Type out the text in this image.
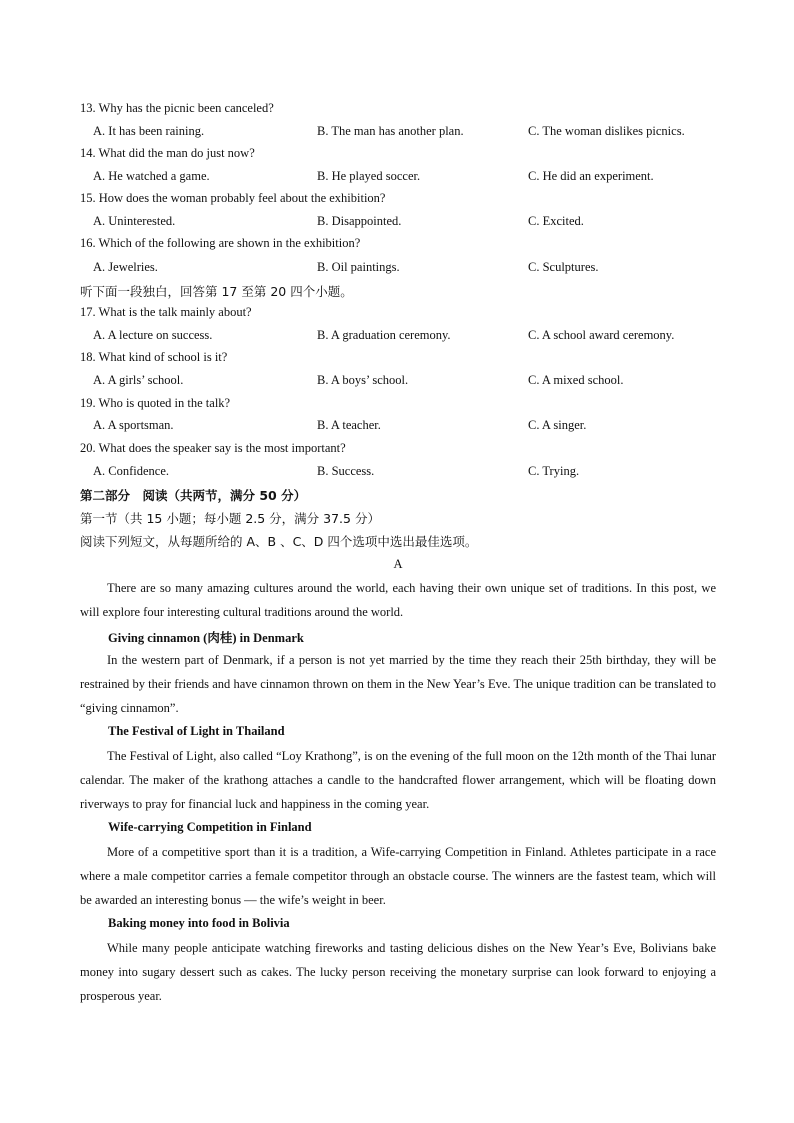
13. Why has the picnic been canceled?
A. It has been raining.	B. The man has another plan.	C. The woman dislikes picnics.
14. What did the man do just now?
A. He watched a game.	B. He played soccer.	C. He did an experiment.
15. How does the woman probably feel about the exhibition?
A. Uninterested.	B. Disappointed.	C. Excited.
16. Which of the following are shown in the exhibition?
A. Jewelries.	B. Oil paintings.	C. Sculptures.
听下面一段独白，回答第 17 至第 20 四个小题。
17. What is the talk mainly about?
A. A lecture on success.	B. A graduation ceremony.	C. A school award ceremony.
18. What kind of school is it?
A. A girls’ school.	B. A boys’ school.	C. A mixed school.
19. Who is quoted in the talk?
A. A sportsman.	B. A teacher.	C. A singer.
20. What does the speaker say is the most important?
A. Confidence.	B. Success.	C. Trying.
第二部分　阅读（共两节，满分 50 分）
第一节（共 15 小题；每小题 2.5 分，满分 37.5 分）
阅读下列短文，从每题所给的 A、B 、C、D 四个选项中选出最佳选项。
A

There are so many amazing cultures around the world, each having their own unique set of traditions. In this post, we will explore four interesting cultural traditions around the world.

Giving cinnamon (肉桂) in Denmark

In the western part of Denmark, if a person is not yet married by the time they reach their 25th birthday, they will be restrained by their friends and have cinnamon thrown on them in the New Year’s Eve. The unique tradition can be translated to “giving cinnamon”.

The Festival of Light in Thailand

The Festival of Light, also called “Loy Krathong”, is on the evening of the full moon on the 12th month of the Thai lunar calendar. The maker of the krathong attaches a candle to the handcrafted flower arrangement, which will be floating down riverways to pray for financial luck and happiness in the coming year.

Wife-carrying Competition in Finland

More of a competitive sport than it is a tradition, a Wife-carrying Competition in Finland. Athletes participate in a race where a male competitor carries a female competitor through an obstacle course. The winners are the fastest team, which will be awarded an interesting bonus — the wife’s weight in beer.

Baking money into food in Bolivia

While many people anticipate watching fireworks and tasting delicious dishes on the New Year’s Eve, Bolivians bake money into sugary dessert such as cakes. The lucky person receiving the monetary surprise can look forward to enjoying a prosperous year.
